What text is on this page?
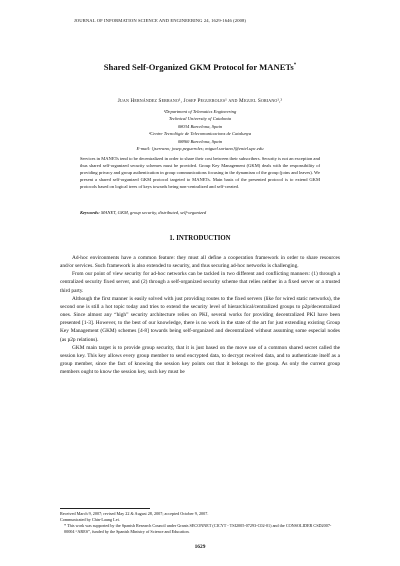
JOURNAL OF INFORMATION SCIENCE AND ENGINEERING 24, 1629-1646 (2008)
Shared Self-Organized GKM Protocol for MANETs*
Juan Hernández Serrano¹, Josep Pegueroles¹ and Miguel Soriano¹,²
¹Department of Telematics Engineering
Technical University of Catalonia
08034 Barcelona, Spain
²Centre Tecnològic de Telecomunicacions de Catalunya
08860 Barcelona, Spain
E-mail: {jserrano; josep.pegueroles; miguel.soriano}@entel.upc.edu

Services in MANETs tend to be decentralized in order to share their cost between their subscribers. Security is not an exception and thus shared self-organized security schemes must be provided. Group Key Management (GKM) deals with the responsibility of providing privacy and group authentication in group communications focusing in the dynamism of the group (joins and leaves). We present a shared self-organized GKM protocol targeted to MANETs. Main basis of the presented protocol is to extend GKM protocols based on logical trees of keys towards being non-centralized and self-created.

Keywords: MANET, GKM, group security, distributed, self-organized
1. INTRODUCTION

Ad-hoc environments have a common feature: they must all define a cooperation framework in order to share resources and/or services. Such framework is also extended to security, and thus securing ad-hoc networks is challenging.

From our point of view security for ad-hoc networks can be tackled in two different and conflicting manners: (1) through a centralized security fixed server, and (2) through a self-organized security scheme that relies neither in a fixed server or a trusted third party.

Although the first manner is easily solved with just providing routes to the fixed servers (like for wired static networks), the second one is still a hot topic today and tries to extend the security level of hierarchical/centralized groups to p2p/decentralized ones. Since almost any “high” security architecture relies on PKI, several works for providing decentralized PKI have been presented [1-3]. However, to the best of our knowledge, there is no work in the state of the art for just extending existing Group Key Management (GKM) schemes [4-8] towards being self-organized and decentralized without assuming some especial nodes (as p2p relations).

GKM main target is to provide group security, that it is just based on the move use of a common shared secret called the session key. This key allows every group member to send encrypted data, to decrypt received data, and to authenticate itself as a group member, since the fact of knowing the session key points out that it belongs to the group. As only the current group members ought to know the session key, such key must be

Received March 9, 2007; revised May 22 & August 28, 2007; accepted October 9, 2007.
Communicated by Chin-Laung Lei.
* This work was supported by the Spanish Research Council under Grants SECONNET (CICYT - TSI2005-07293-C02-01) and the CONSOLIDER CSD2007-00004 “ARES”, funded by the Spanish Ministry of Science and Education.
1629
